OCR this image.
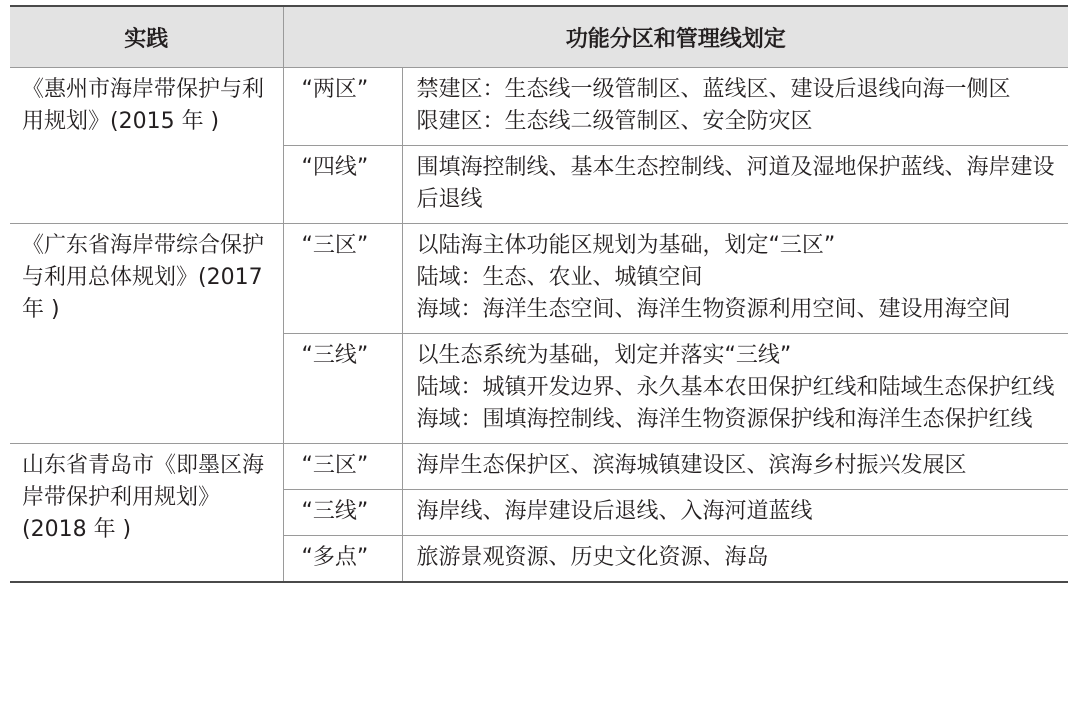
实践	功能分区和管理线划定	
《惠州市海岸带保护与利用规划》(2015 年 )	“两区”	禁建区：生态线一级管制区、蓝线区、建设后退线向海一侧区
限建区：生态线二级管制区、安全防灾区

	“四线”	围填海控制线、基本生态控制线、河道及湿地保护蓝线、海岸建设后退线

《广东省海岸带综合保护与利用总体规划》(2017 年 )	“三区”	以陆海主体功能区规划为基础，划定“三区”
陆域：生态、农业、城镇空间
海域：海洋生态空间、海洋生物资源利用空间、建设用海空间

	“三线”	以生态系统为基础，划定并落实“三线”
陆域：城镇开发边界、永久基本农田保护红线和陆域生态保护红线
海域：围填海控制线、海洋生物资源保护线和海洋生态保护红线

山东省青岛市《即墨区海岸带保护利用规划》(2018 年 )	“三区”	海岸生态保护区、滨海城镇建设区、滨海乡村振兴发展区

	“三线”	海岸线、海岸建设后退线、入海河道蓝线

	“多点”	旅游景观资源、历史文化资源、海岛
